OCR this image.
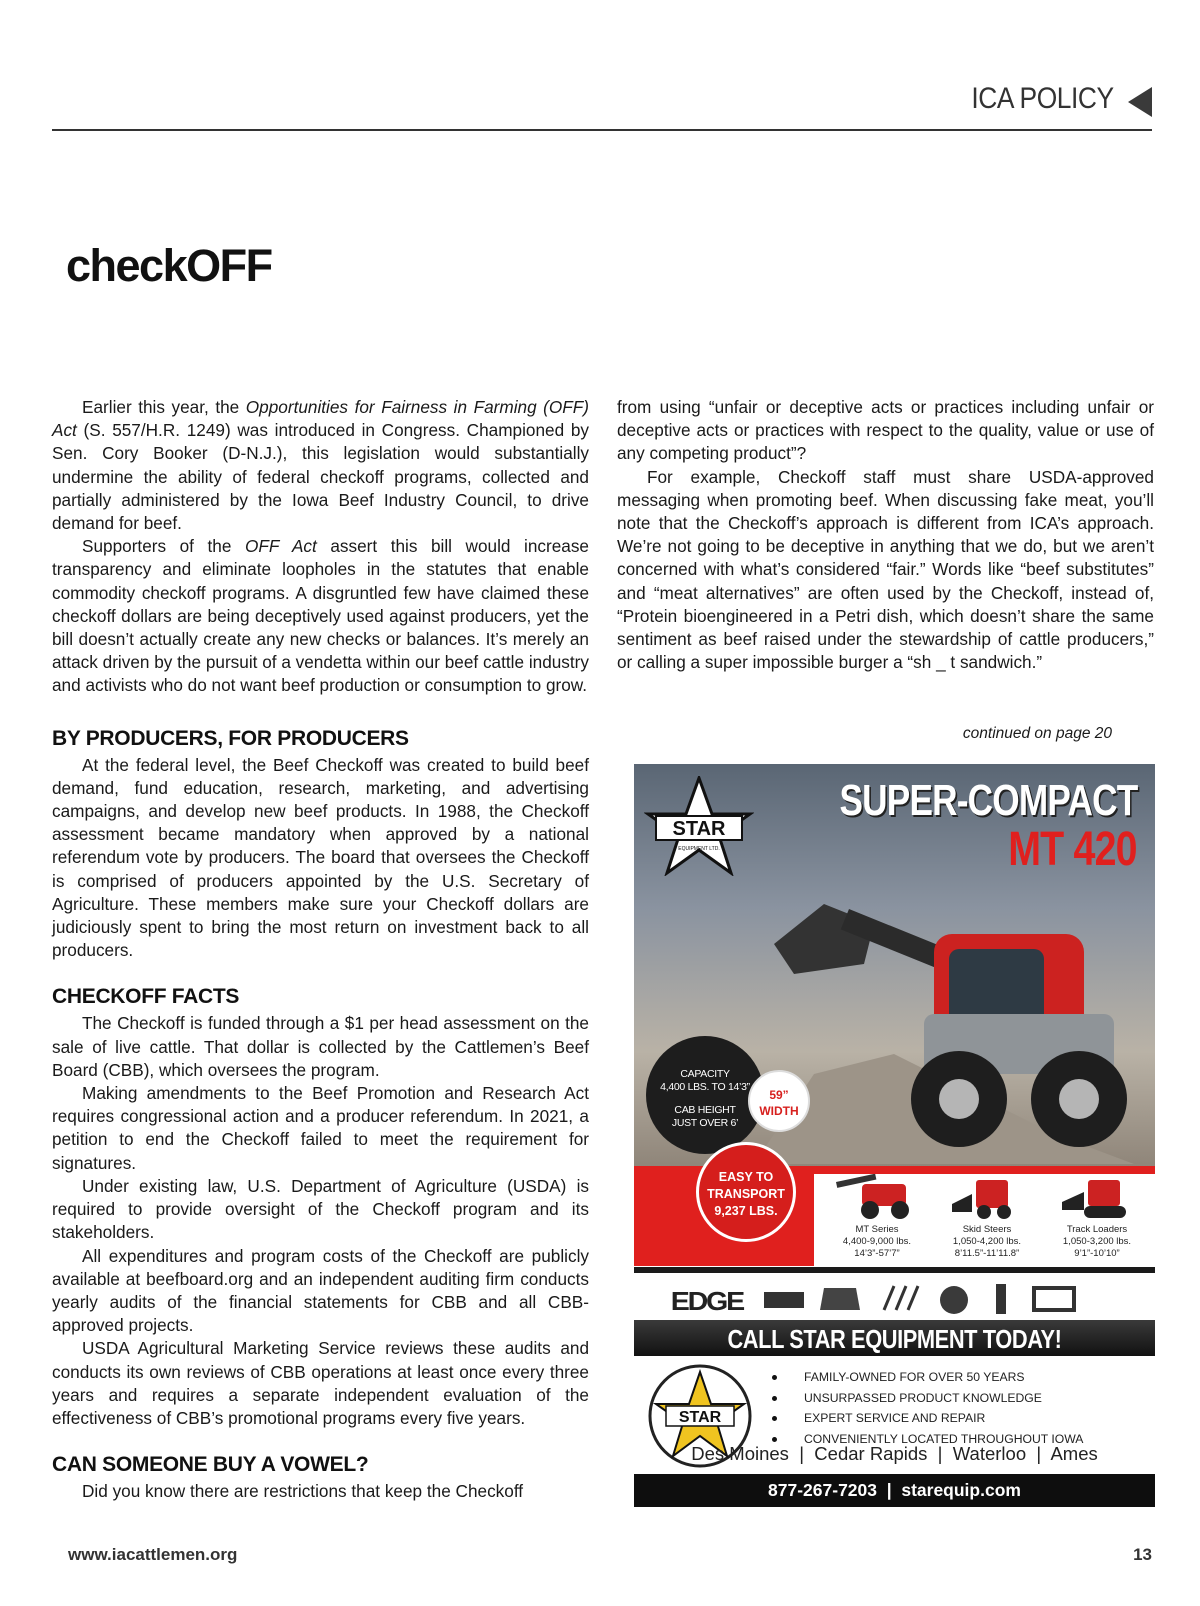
ICA POLICY
checkOFF

Earlier this year, the Opportunities for Fairness in Farming (OFF) Act (S. 557/H.R. 1249) was introduced in Congress. Championed by Sen. Cory Booker (D-N.J.), this legislation would substantially undermine the ability of federal checkoff programs, collected and partially administered by the Iowa Beef Industry Council, to drive demand for beef.

Supporters of the OFF Act assert this bill would increase transparency and eliminate loopholes in the statutes that enable commodity checkoff programs. A disgruntled few have claimed these checkoff dollars are being deceptively used against producers, yet the bill doesn’t actually create any new checks or balances. It’s merely an attack driven by the pursuit of a vendetta within our beef cattle industry and activists who do not want beef production or consumption to grow.

BY PRODUCERS, FOR PRODUCERS

At the federal level, the Beef Checkoff was created to build beef demand, fund education, research, marketing, and advertising campaigns, and develop new beef products. In 1988, the Checkoff assessment became mandatory when approved by a national referendum vote by producers. The board that oversees the Checkoff is comprised of producers appointed by the U.S. Secretary of Agriculture. These members make sure your Checkoff dollars are judiciously spent to bring the most return on investment back to all producers.

CHECKOFF FACTS

The Checkoff is funded through a $1 per head assessment on the sale of live cattle. That dollar is collected by the Cattlemen’s Beef Board (CBB), which oversees the program.

Making amendments to the Beef Promotion and Research Act requires congressional action and a producer referendum. In 2021, a petition to end the Checkoff failed to meet the requirement for signatures.

Under existing law, U.S. Department of Agriculture (USDA) is required to provide oversight of the Checkoff program and its stakeholders.

All expenditures and program costs of the Checkoff are publicly available at beefboard.org and an independent auditing firm conducts yearly audits of the financial statements for CBB and all CBB-approved projects.

USDA Agricultural Marketing Service reviews these audits and conducts its own reviews of CBB operations at least once every three years and requires a separate independent evaluation of the effectiveness of CBB’s promotional programs every five years.

CAN SOMEONE BUY A VOWEL?

Did you know there are restrictions that keep the Checkoff

from using “unfair or deceptive acts or practices including unfair or deceptive acts or practices with respect to the quality, value or use of any competing product”?

For example, Checkoff staff must share USDA-approved messaging when promoting beef. When discussing fake meat, you’ll note that the Checkoff’s approach is different from ICA’s approach. We’re not going to be deceptive in anything that we do, but we aren’t concerned with what’s considered “fair.” Words like “beef substitutes” and “meat alternatives” are often used by the Checkoff, instead of, “Protein bioengineered in a Petri dish, which doesn’t share the same sentiment as beef raised under the stewardship of cattle producers,” or calling a super impossible burger a “sh _ t sandwich.”

continued on page 20
SUPER-COMPACT
MT 420
STAR
EQUIPMENT LTD.
CAPACITY
4,400 LBS. TO 14’3”
CAB HEIGHT
JUST OVER 6’
59”
WIDTH
EASY TO
TRANSPORT
9,237 LBS.
MT Series
4,400-9,000 lbs.
14’3”-57’7”
Skid Steers
1,050-4,200 lbs.
8’11.5”-11’11.8”
Track Loaders
1,050-3,200 lbs.
9’1”-10’10”
EDGE
CALL STAR EQUIPMENT TODAY!
STAR
FAMILY-OWNED FOR OVER 50 YEARS
UNSURPASSED PRODUCT KNOWLEDGE
EXPERT SERVICE AND REPAIR
CONVENIENTLY LOCATED THROUGHOUT IOWA
Des Moines  |  Cedar Rapids  |  Waterloo  |  Ames
877-267-7203  |  starequip.com
www.iacattlemen.org	13
